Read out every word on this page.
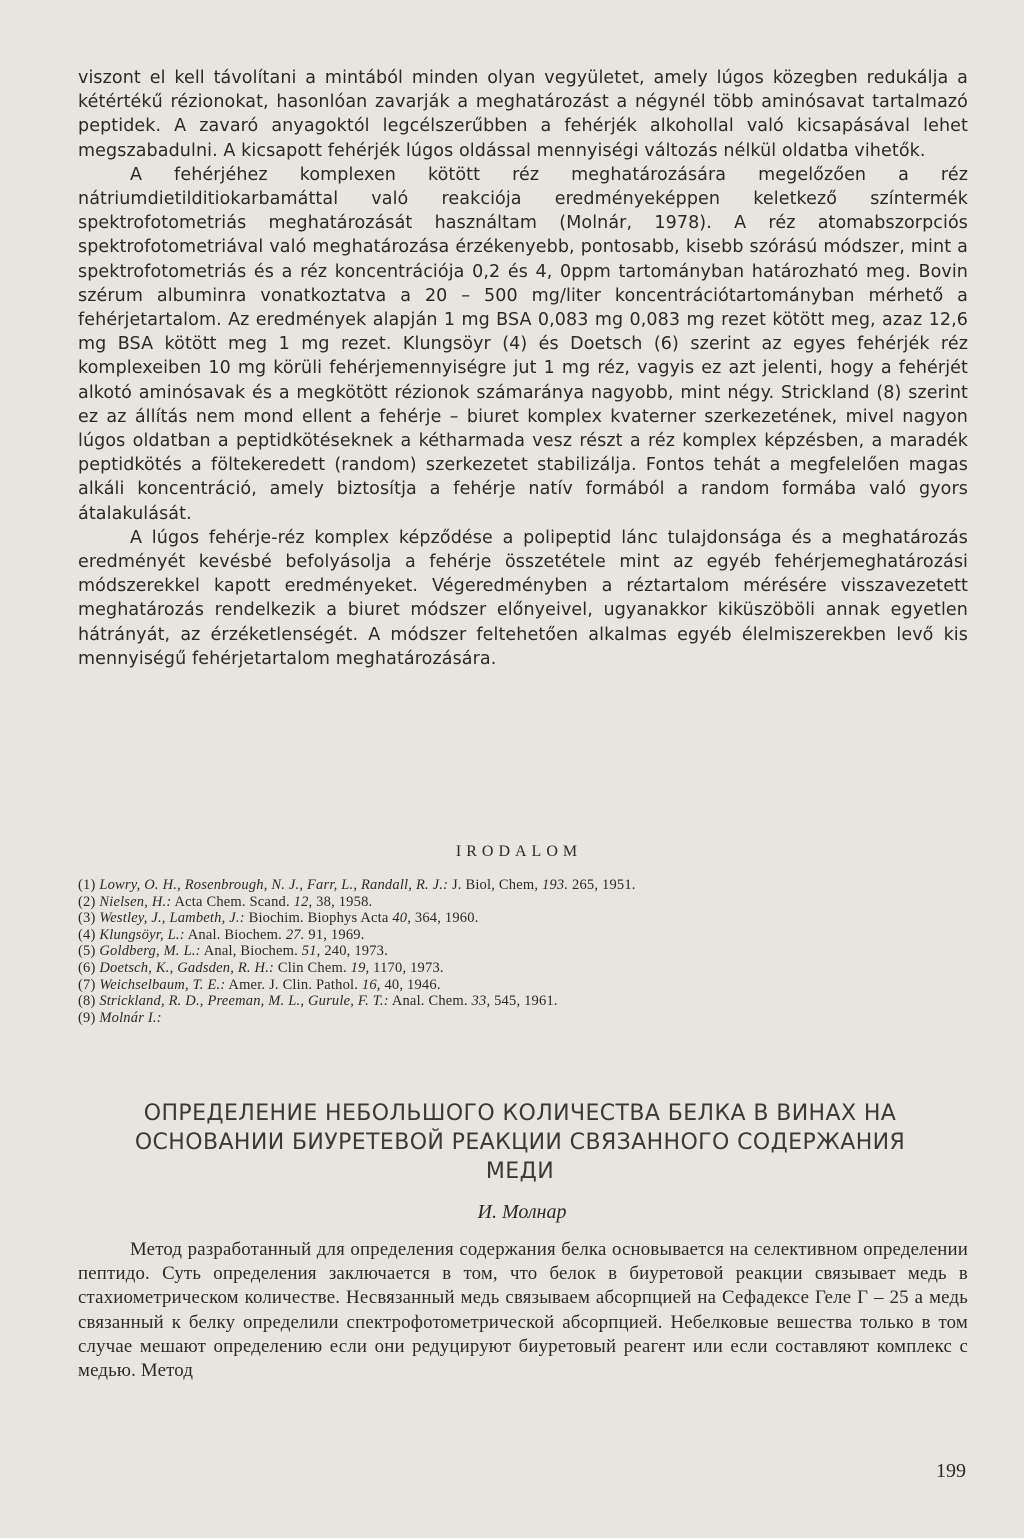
viszont el kell távolítani a mintából minden olyan vegyületet, amely lúgos közegben redukálja a kétértékű rézionokat, hasonlóan zavarják a meghatározást a négynél több aminósavat tartalmazó peptidek. A zavaró anyagoktól legcélszerűbben a fehérjék alkohollal való kicsapásával lehet megszabadulni. A kicsapott fehérjék lúgos oldással mennyiségi változás nélkül oldatba vihetők.

A fehérjéhez komplexen kötött réz meghatározására megelőzően a réz nátriumdietilditiokarbamáttal való reakciója eredményeképpen keletkező színtermék spektrofotometriás meghatározását használtam (Molnár, 1978). A réz atomabszorpciós spektrofotometriával való meghatározása érzékenyebb, pontosabb, kisebb szórású módszer, mint a spektrofotometriás és a réz koncentrációja 0,2 és 4, 0ppm tartományban határozható meg. Bovin szérum albuminra vonatkoztatva a 20 – 500 mg/liter koncentrációtartományban mérhető a fehérjetartalom. Az eredmények alapján 1 mg BSA 0,083 mg 0,083 mg rezet kötött meg, azaz 12,6 mg BSA kötött meg 1 mg rezet. Klungsöyr (4) és Doetsch (6) szerint az egyes fehérjék réz komplexeiben 10 mg körüli fehérjemennyiségre jut 1 mg réz, vagyis ez azt jelenti, hogy a fehérjét alkotó aminósavak és a megkötött rézionok számaránya nagyobb, mint négy. Strickland (8) szerint ez az állítás nem mond ellent a fehérje – biuret komplex kvaterner szerkezetének, mivel nagyon lúgos oldatban a peptidkötéseknek a kétharmada vesz részt a réz komplex képzésben, a maradék peptidkötés a föltekeredett (random) szerkezetet stabilizálja. Fontos tehát a megfelelően magas alkáli koncentráció, amely biztosítja a fehérje natív formából a random formába való gyors átalakulását.

A lúgos fehérje-réz komplex képződése a polipeptid lánc tulajdonsága és a meghatározás eredményét kevésbé befolyásolja a fehérje összetétele mint az egyéb fehérjemeghatározási módszerekkel kapott eredményeket. Végeredményben a réztartalom mérésére visszavezetett meghatározás rendelkezik a biuret módszer előnyeivel, ugyanakkor kiküszöböli annak egyetlen hátrányát, az érzéketlenségét. A módszer feltehetően alkalmas egyéb élelmiszerekben levő kis mennyiségű fehérjetartalom meghatározására.

IRODALOM
(1) Lowry, O. H., Rosenbrough, N. J., Farr, L., Randall, R. J.: J. Biol, Chem, 193. 265, 1951.
(2) Nielsen, H.: Acta Chem. Scand. 12, 38, 1958.
(3) Westley, J., Lambeth, J.: Biochim. Biophys Acta 40, 364, 1960.
(4) Klungsöyr, L.: Anal. Biochem. 27. 91, 1969.
(5) Goldberg, M. L.: Anal, Biochem. 51, 240, 1973.
(6) Doetsch, K., Gadsden, R. H.: Clin Chem. 19, 1170, 1973.
(7) Weichselbaum, T. E.: Amer. J. Clin. Pathol. 16, 40, 1946.
(8) Strickland, R. D., Preeman, M. L., Gurule, F. T.: Anal. Chem. 33, 545, 1961.
(9) Molnár I.:
ОПРЕДЕЛЕНИЕ НЕБОЛЬШОГО КОЛИЧЕСТВА БЕЛКА В ВИНАХ НА
ОСНОВАНИИ БИУРЕТЕВОЙ РЕАКЦИИ СВЯЗАННОГО СОДЕРЖАНИЯ
МЕДИ
И. Молнар

Метод разработанный для определения содержания белка основывается на селективном определении пептидо. Суть определения заключается в том, что белок в биуретовой реакции связывает медь в стахиометрическом количестве. Несвязанный медь связываем абсорпцией на Сефадексе Геле Г – 25 а медь связанный к белку определили спектрофотометрической абсорпцией. Небелковые вешества только в том случае мешают определению если они редуцируют биуретовый реагент или если составляют комплекс с медью. Метод

199
